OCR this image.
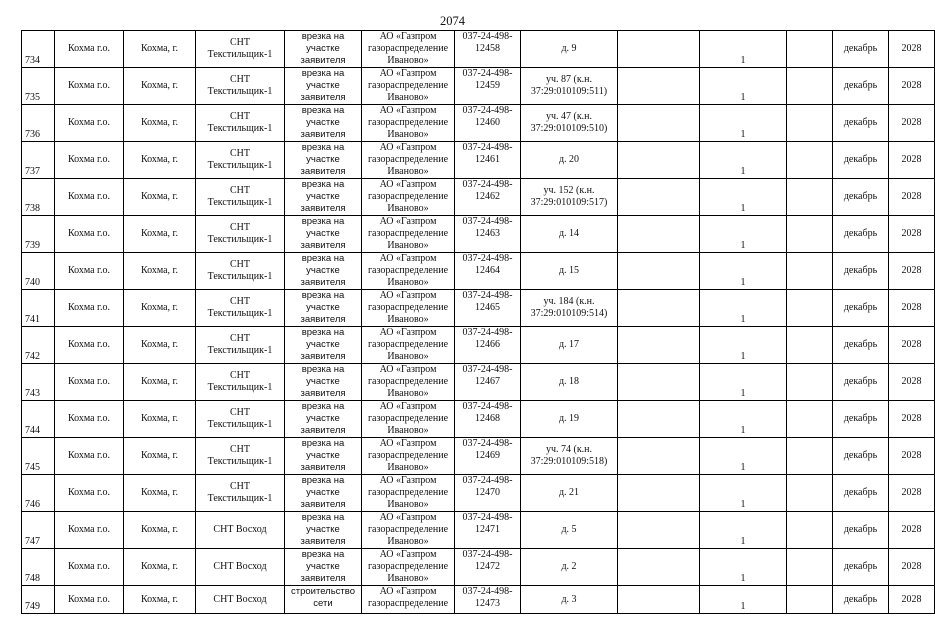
2074
734	Кохма г.о.	Кохма, г.	СНТ Текстильщик-1	врезка на участке заявителя	АО «Газпром газораспределение Иваново»	037-24-498-12458	д. 9		1		декабрь	2028
735	Кохма г.о.	Кохма, г.	СНТ Текстильщик-1	врезка на участке заявителя	АО «Газпром газораспределение Иваново»	037-24-498-12459	уч. 87 (к.н. 37:29:010109:511)		1		декабрь	2028
736	Кохма г.о.	Кохма, г.	СНТ Текстильщик-1	врезка на участке заявителя	АО «Газпром газораспределение Иваново»	037-24-498-12460	уч. 47 (к.н. 37:29:010109:510)		1		декабрь	2028
737	Кохма г.о.	Кохма, г.	СНТ Текстильщик-1	врезка на участке заявителя	АО «Газпром газораспределение Иваново»	037-24-498-12461	д. 20		1		декабрь	2028
738	Кохма г.о.	Кохма, г.	СНТ Текстильщик-1	врезка на участке заявителя	АО «Газпром газораспределение Иваново»	037-24-498-12462	уч. 152 (к.н. 37:29:010109:517)		1		декабрь	2028
739	Кохма г.о.	Кохма, г.	СНТ Текстильщик-1	врезка на участке заявителя	АО «Газпром газораспределение Иваново»	037-24-498-12463	д. 14		1		декабрь	2028
740	Кохма г.о.	Кохма, г.	СНТ Текстильщик-1	врезка на участке заявителя	АО «Газпром газораспределение Иваново»	037-24-498-12464	д. 15		1		декабрь	2028
741	Кохма г.о.	Кохма, г.	СНТ Текстильщик-1	врезка на участке заявителя	АО «Газпром газораспределение Иваново»	037-24-498-12465	уч. 184 (к.н. 37:29:010109:514)		1		декабрь	2028
742	Кохма г.о.	Кохма, г.	СНТ Текстильщик-1	врезка на участке заявителя	АО «Газпром газораспределение Иваново»	037-24-498-12466	д. 17		1		декабрь	2028
743	Кохма г.о.	Кохма, г.	СНТ Текстильщик-1	врезка на участке заявителя	АО «Газпром газораспределение Иваново»	037-24-498-12467	д. 18		1		декабрь	2028
744	Кохма г.о.	Кохма, г.	СНТ Текстильщик-1	врезка на участке заявителя	АО «Газпром газораспределение Иваново»	037-24-498-12468	д. 19		1		декабрь	2028
745	Кохма г.о.	Кохма, г.	СНТ Текстильщик-1	врезка на участке заявителя	АО «Газпром газораспределение Иваново»	037-24-498-12469	уч. 74 (к.н. 37:29:010109:518)		1		декабрь	2028
746	Кохма г.о.	Кохма, г.	СНТ Текстильщик-1	врезка на участке заявителя	АО «Газпром газораспределение Иваново»	037-24-498-12470	д. 21		1		декабрь	2028
747	Кохма г.о.	Кохма, г.	СНТ Восход	врезка на участке заявителя	АО «Газпром газораспределение Иваново»	037-24-498-12471	д. 5		1		декабрь	2028
748	Кохма г.о.	Кохма, г.	СНТ Восход	врезка на участке заявителя	АО «Газпром газораспределение Иваново»	037-24-498-12472	д. 2		1		декабрь	2028
749	Кохма г.о.	Кохма, г.	СНТ Восход	строительство сети	АО «Газпром газораспределение	037-24-498-12473	д. 3		1		декабрь	2028
